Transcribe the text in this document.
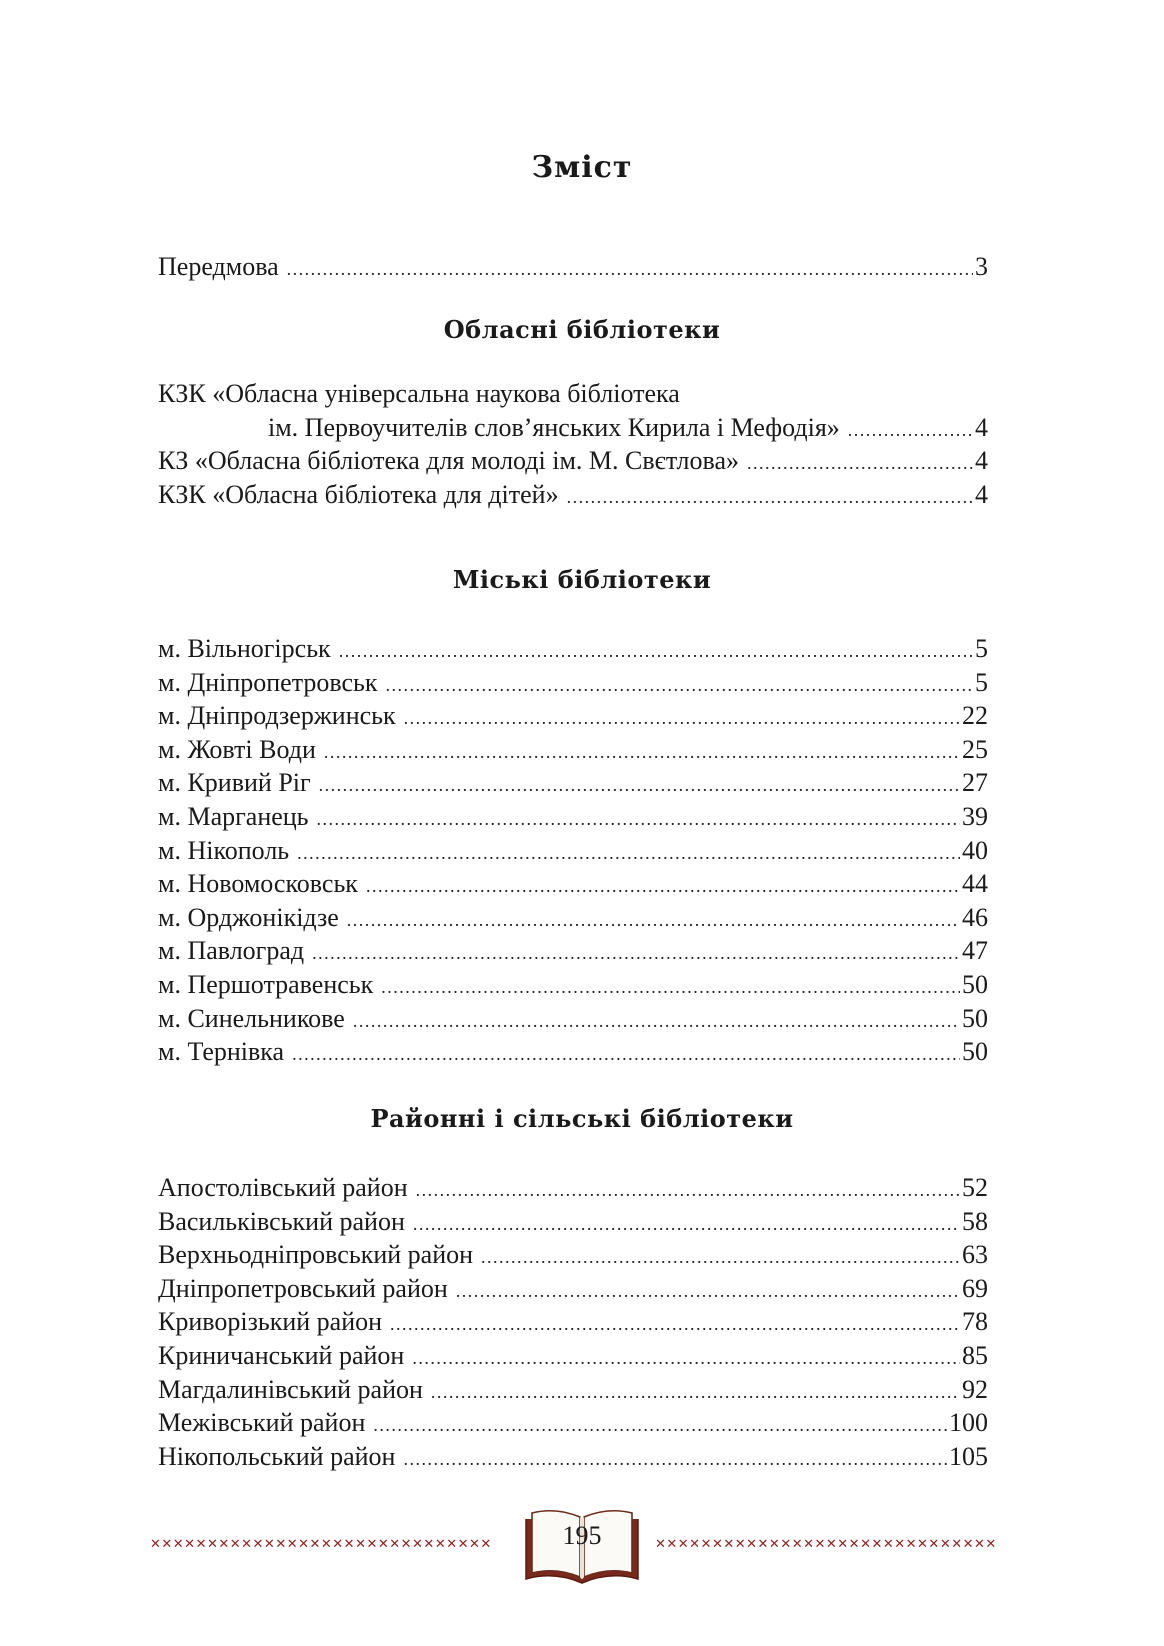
Зміст
Передмова .....	3
Обласні бібліотеки
КЗК «Обласна універсальна наукова бібліотека
ім. Первоучителів слов’янських Кирила і Мефодія» .....	4
КЗ «Обласна бібліотека для молоді ім. М. Свєтлова» .....	4
КЗК «Обласна бібліотека для дітей» .....	4
Міські бібліотеки
м. Вільногірськ .....	5
м. Дніпропетровськ .....	5
м. Дніпродзержинськ .....	22
м. Жовті Води .....	25
м. Кривий Ріг .....	27
м. Марганець .....	39
м. Нікополь .....	40
м. Новомосковськ .....	44
м. Орджонікідзе .....	46
м. Павлоград .....	47
м. Першотравенськ .....	50
м. Синельникове .....	50
м. Тернівка .....	50
Районні і сільські бібліотеки
Апостолівський район .....	52
Васильківський район .....	58
Верхньодніпровський район .....	63
Дніпропетровський район .....	69
Криворізький район .....	78
Криничанський район .....	85
Магдалинівський район .....	92
Межівський район .....	100
Нікопольський район .....	105
✕✕✕✕✕✕✕✕✕✕✕✕✕✕✕✕✕✕✕✕✕✕✕✕✕✕✕✕✕✕	195	✕✕✕✕✕✕✕✕✕✕✕✕✕✕✕✕✕✕✕✕✕✕✕✕✕✕✕✕✕✕
